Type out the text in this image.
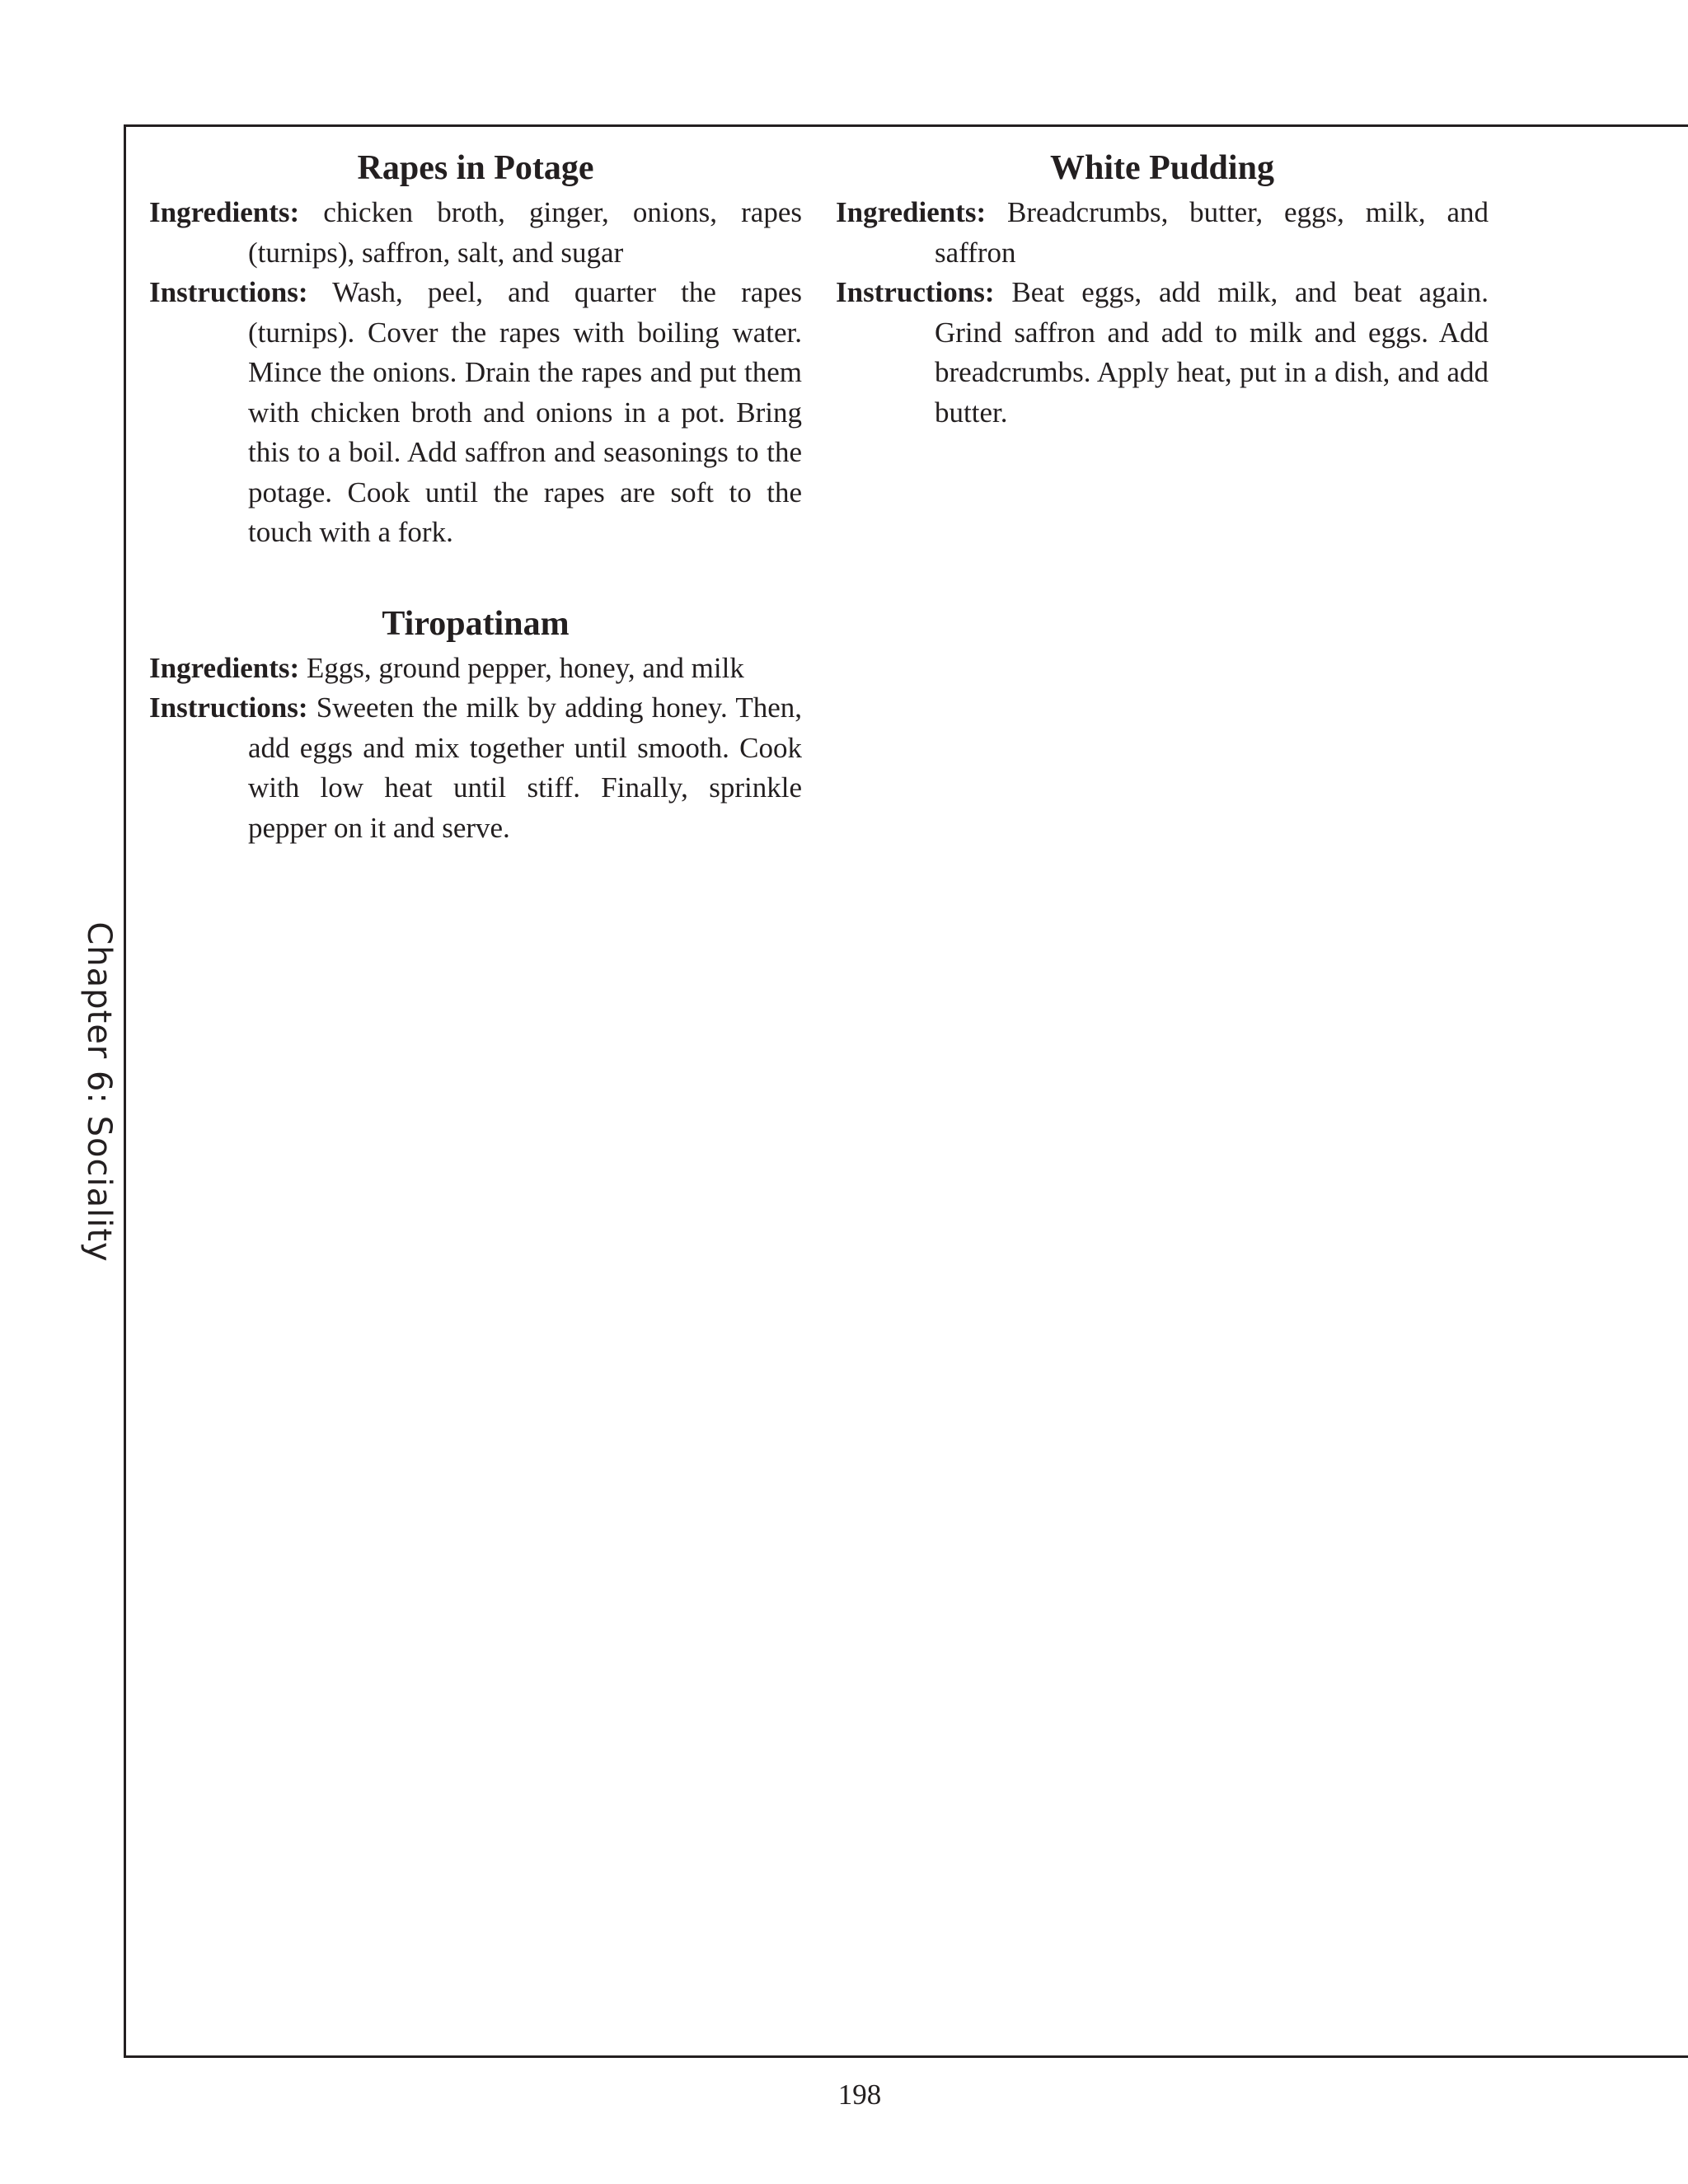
Chapter 6: Sociality
Rapes in Potage

Ingredients: chicken broth, ginger, onions, rapes (turnips), saffron, salt, and sugar

Instructions: Wash, peel, and quarter the rapes (turnips). Cover the rapes with boiling water. Mince the onions. Drain the rapes and put them with chicken broth and onions in a pot. Bring this to a boil. Add saffron and seasonings to the potage. Cook until the rapes are soft to the touch with a fork.

Tiropatinam

Ingredients: Eggs, ground pepper, honey, and milk

Instructions: Sweeten the milk by adding honey. Then, add eggs and mix together until smooth. Cook with low heat until stiff. Finally, sprinkle pepper on it and serve.

White Pudding

Ingredients: Breadcrumbs, butter, eggs, milk, and saffron

Instructions: Beat eggs, add milk, and beat again. Grind saffron and add to milk and eggs. Add breadcrumbs. Apply heat, put in a dish, and add butter.

198
